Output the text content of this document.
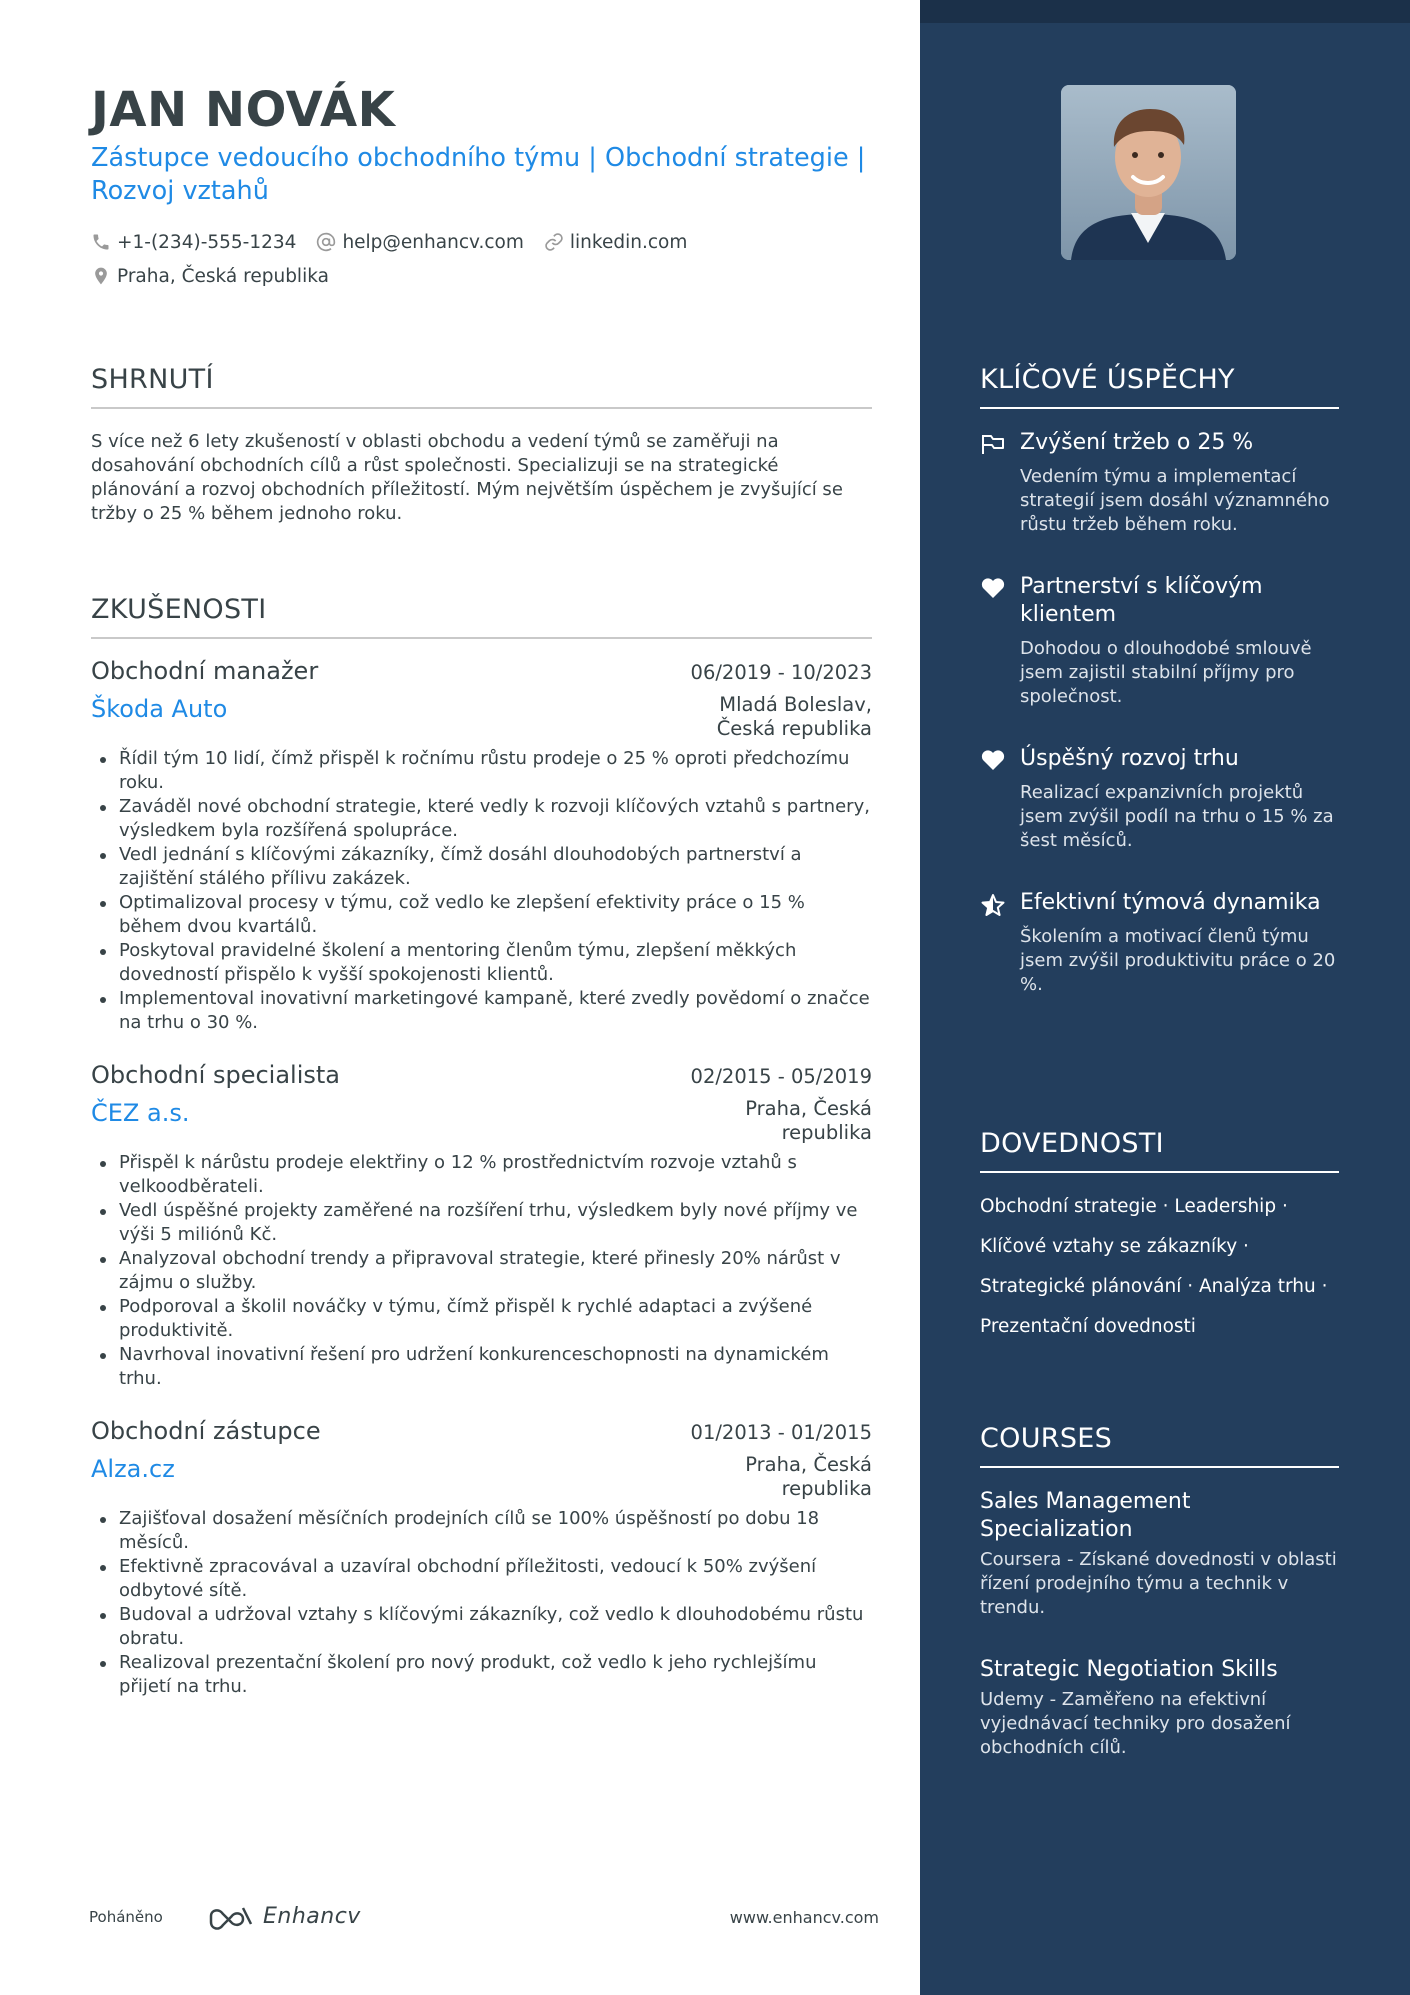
JAN NOVÁK
Zástupce vedoucího obchodního týmu | Obchodní strategie | Rozvoj vztahů
+1-(234)-555-1234 help@enhancv.com linkedin.com
Praha, Česká republika
SHRNUTÍ

S více než 6 lety zkušeností v oblasti obchodu a vedení týmů se zaměřuji na dosahování obchodních cílů a růst společnosti. Specializuji se na strategické plánování a rozvoj obchodních příležitostí. Mým největším úspěchem je zvyšující se tržby o 25 % během jednoho roku.

ZKUŠENOSTI
Obchodní manažer	06/2019 - 10/2023
Škoda Auto	Mladá Boleslav, Česká republika
Řídil tým 10 lidí, čímž přispěl k ročnímu růstu prodeje o 25 % oproti předchozímu roku.
Zaváděl nové obchodní strategie, které vedly k rozvoji klíčových vztahů s partnery, výsledkem byla rozšířená spolupráce.
Vedl jednání s klíčovými zákazníky, čímž dosáhl dlouhodobých partnerství a zajištění stálého přílivu zakázek.
Optimalizoval procesy v týmu, což vedlo ke zlepšení efektivity práce o 15 % během dvou kvartálů.
Poskytoval pravidelné školení a mentoring členům týmu, zlepšení měkkých dovedností přispělo k vyšší spokojenosti klientů.
Implementoval inovativní marketingové kampaně, které zvedly povědomí o značce na trhu o 30 %.
Obchodní specialista	02/2015 - 05/2019
ČEZ a.s.	Praha, Česká republika
Přispěl k nárůstu prodeje elektřiny o 12 % prostřednictvím rozvoje vztahů s velkoodběrateli.
Vedl úspěšné projekty zaměřené na rozšíření trhu, výsledkem byly nové příjmy ve výši 5 miliónů Kč.
Analyzoval obchodní trendy a připravoval strategie, které přinesly 20% nárůst v zájmu o služby.
Podporoval a školil nováčky v týmu, čímž přispěl k rychlé adaptaci a zvýšené produktivitě.
Navrhoval inovativní řešení pro udržení konkurenceschopnosti na dynamickém trhu.
Obchodní zástupce	01/2013 - 01/2015
Alza.cz	Praha, Česká republika
Zajišťoval dosažení měsíčních prodejních cílů se 100% úspěšností po dobu 18 měsíců.
Efektivně zpracovával a uzavíral obchodní příležitosti, vedoucí k 50% zvýšení odbytové sítě.
Budoval a udržoval vztahy s klíčovými zákazníky, což vedlo k dlouhodobému růstu obratu.
Realizoval prezentační školení pro nový produkt, což vedlo k jeho rychlejšímu přijetí na trhu.
Poháněno	Enhancv	www.enhancv.com
KLÍČOVÉ ÚSPĚCHY
Zvýšení tržeb o 25 %
Vedením týmu a implementací strategií jsem dosáhl významného růstu tržeb během roku.
Partnerství s klíčovým klientem
Dohodou o dlouhodobé smlouvě jsem zajistil stabilní příjmy pro společnost.
Úspěšný rozvoj trhu
Realizací expanzivních projektů jsem zvýšil podíl na trhu o 15 % za šest měsíců.
Efektivní týmová dynamika
Školením a motivací členů týmu jsem zvýšil produktivitu práce o 20 %.
DOVEDNOSTI
Obchodní strategie · Leadership ·
Klíčové vztahy se zákazníky ·
Strategické plánování · Analýza trhu ·
Prezentační dovednosti
COURSES
Sales Management Specialization
Coursera - Získané dovednosti v oblasti řízení prodejního týmu a technik v trendu.
Strategic Negotiation Skills
Udemy - Zaměřeno na efektivní vyjednávací techniky pro dosažení obchodních cílů.
